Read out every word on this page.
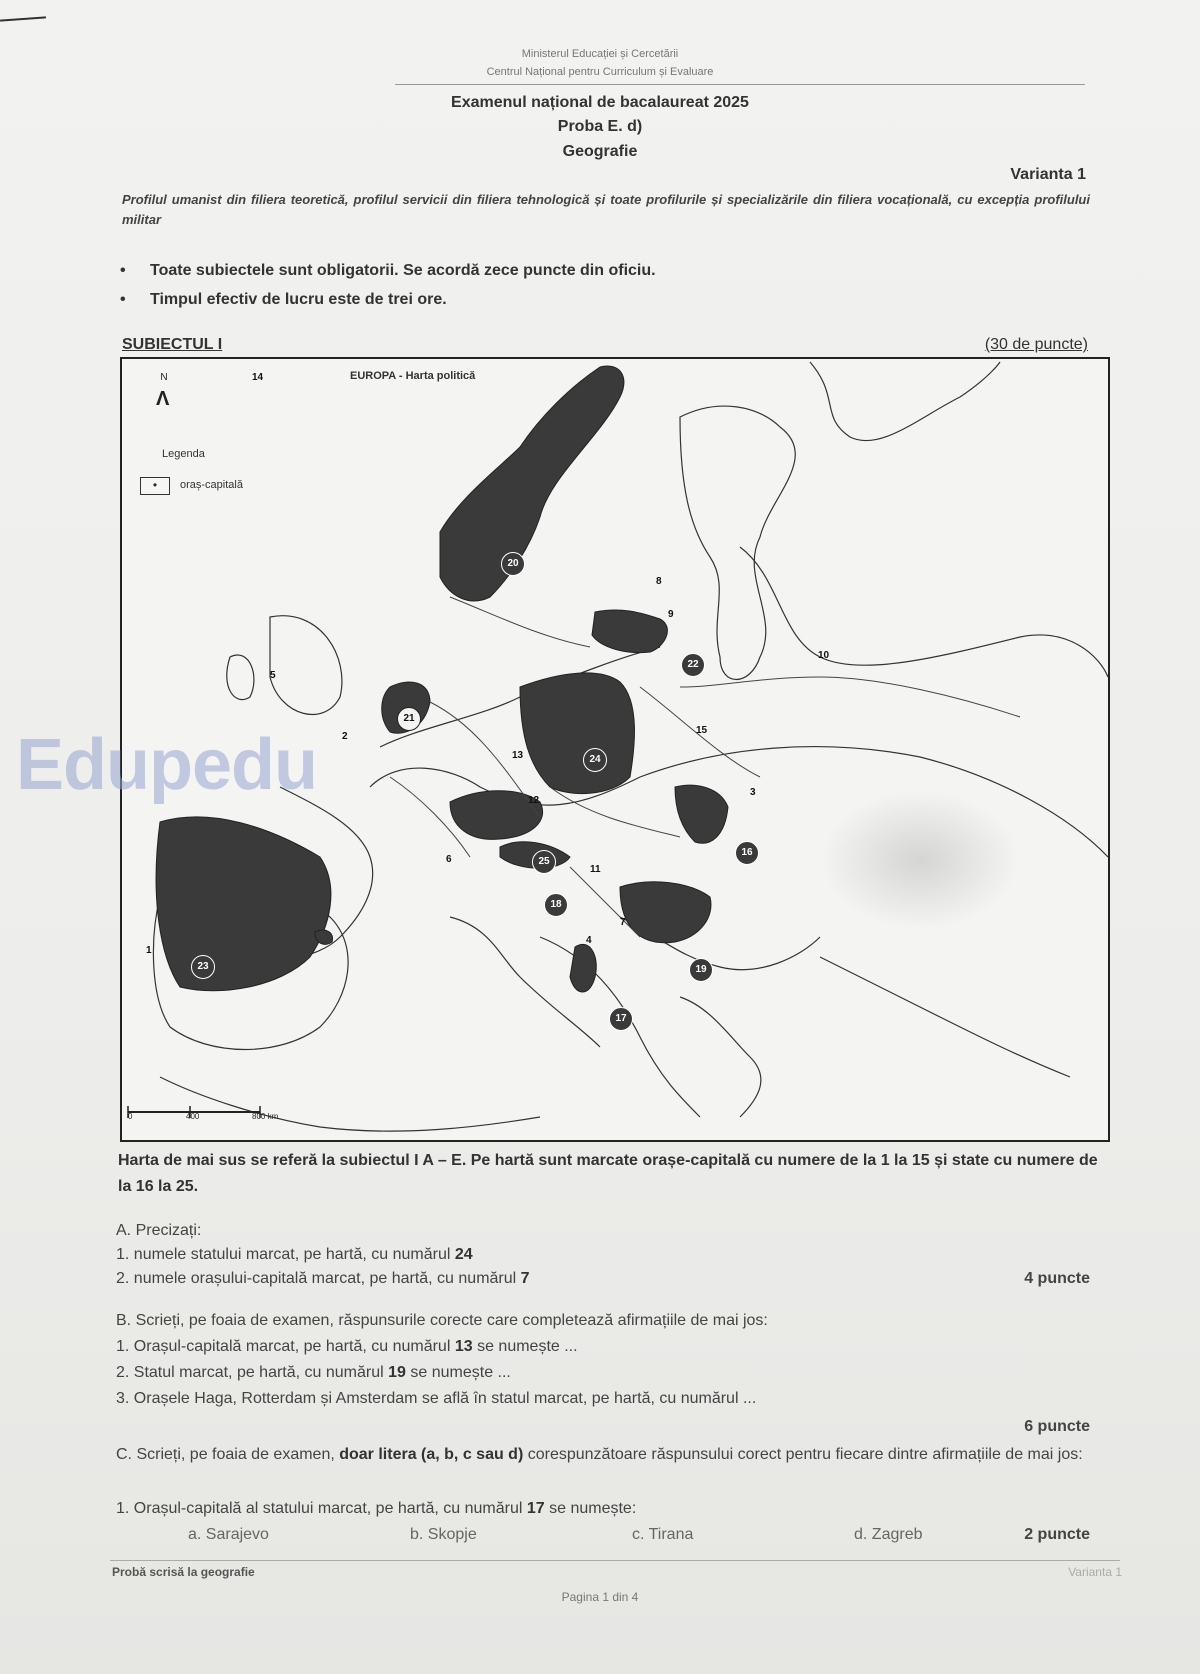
Ministerul Educației și Cercetării
Centrul Național pentru Curriculum și Evaluare
Examenul național de bacalaureat 2025
Proba E. d)
Geografie
Varianta 1
Profilul umanist din filiera teoretică, profilul servicii din filiera tehnologică și toate profilurile și specializările din filiera vocațională, cu excepția profilului militar
• Toate subiectele sunt obligatorii. Se acordă zece puncte din oficiu.
• Timpul efectiv de lucru este de trei ore.
SUBIECTUL I	(30 de puncte)
Edupedu
EUROPA - Harta politică
N
Λ
Legenda
•	oraș-capitală
0	400	800 km
1
2
3
4
5
6
7
8
9
10
11
14
12
13
15
16
17
18
19
20
21
22
23
24
25
Harta de mai sus se referă la subiectul I A – E. Pe hartă sunt marcate orașe-capitală cu numere de la 1 la 15 și state cu numere de la 16 la 25.
A. Precizați:
1. numele statului marcat, pe hartă, cu numărul 24
2. numele orașului-capitală marcat, pe hartă, cu numărul 7	4 puncte
B. Scrieți, pe foaia de examen, răspunsurile corecte care completează afirmațiile de mai jos:
1. Orașul-capitală marcat, pe hartă, cu numărul 13 se numește ...
2. Statul marcat, pe hartă, cu numărul 19 se numește ...
3. Orașele Haga, Rotterdam și Amsterdam se află în statul marcat, pe hartă, cu numărul ...
6 puncte
C. Scrieți, pe foaia de examen, doar litera (a, b, c sau d) corespunzătoare răspunsului corect pentru fiecare dintre afirmațiile de mai jos:
1. Orașul-capitală al statului marcat, pe hartă, cu numărul 17 se numește:
a. Sarajevo	b. Skopje	c. Tirana	d. Zagreb	2 puncte
Probă scrisă la geografie	Varianta 1
Pagina 1 din 4
